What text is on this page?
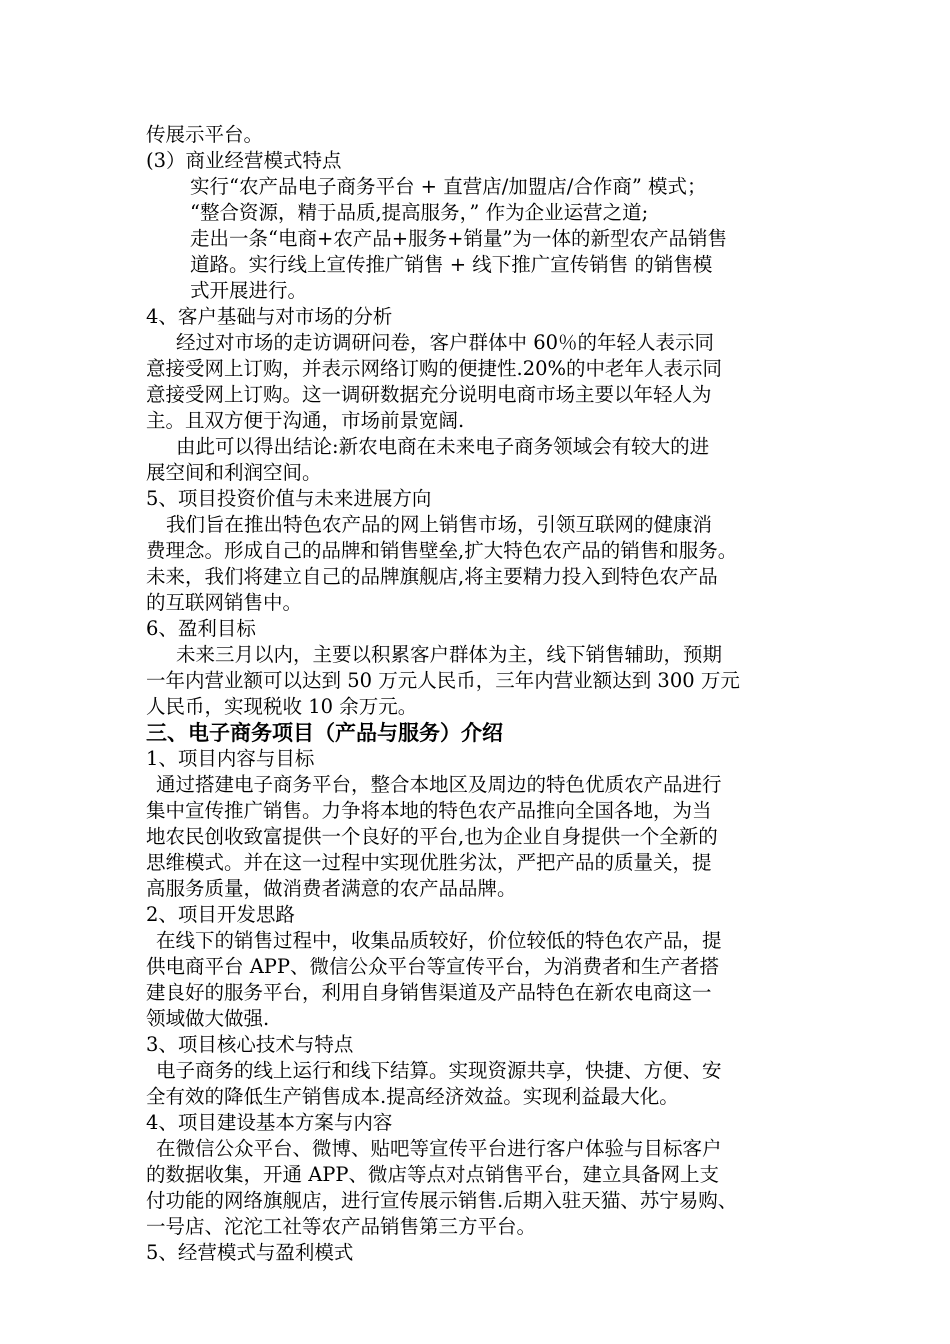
传展示平台。

(3）商业经营模式特点

实行“农产品电子商务平台 + 直营店/加盟店/合作商” 模式；

“整合资源，精于品质,提高服务，” 作为企业运营之道;

走出一条“电商+农产品+服务+销量”为一体的新型农产品销售

道路。实行线上宣传推广销售 + 线下推广宣传销售 的销售模

式开展进行。

4、客户基础与对市场的分析

经过对市场的走访调研问卷，客户群体中 60％的年轻人表示同

意接受网上订购，并表示网络订购的便捷性.20%的中老年人表示同

意接受网上订购。这一调研数据充分说明电商市场主要以年轻人为

主。且双方便于沟通，市场前景宽阔.

由此可以得出结论:新农电商在未来电子商务领域会有较大的进

展空间和利润空间。

5、项目投资价值与未来进展方向

我们旨在推出特色农产品的网上销售市场，引领互联网的健康消

费理念。形成自己的品牌和销售壁垒,扩大特色农产品的销售和服务。

未来，我们将建立自己的品牌旗舰店,将主要精力投入到特色农产品

的互联网销售中。

6、盈利目标

未来三月以内，主要以积累客户群体为主，线下销售辅助，预期

一年内营业额可以达到 50 万元人民币，三年内营业额达到 300 万元

人民币，实现税收 10 余万元。

三、电子商务项目（产品与服务）介绍

1、项目内容与目标

通过搭建电子商务平台，整合本地区及周边的特色优质农产品进行

集中宣传推广销售。力争将本地的特色农产品推向全国各地，为当

地农民创收致富提供一个良好的平台,也为企业自身提供一个全新的

思维模式。并在这一过程中实现优胜劣汰，严把产品的质量关，提

高服务质量，做消费者满意的农产品品牌。

2、项目开发思路

在线下的销售过程中，收集品质较好，价位较低的特色农产品，提

供电商平台 APP、微信公众平台等宣传平台，为消费者和生产者搭

建良好的服务平台，利用自身销售渠道及产品特色在新农电商这一

领域做大做强.

3、项目核心技术与特点

电子商务的线上运行和线下结算。实现资源共享，快捷、方便、安

全有效的降低生产销售成本.提高经济效益。实现利益最大化。

4、项目建设基本方案与内容

在微信公众平台、微博、贴吧等宣传平台进行客户体验与目标客户

的数据收集，开通 APP、微店等点对点销售平台，建立具备网上支

付功能的网络旗舰店，进行宣传展示销售.后期入驻天猫、苏宁易购、

一号店、沱沱工社等农产品销售第三方平台。

5、经营模式与盈利模式
